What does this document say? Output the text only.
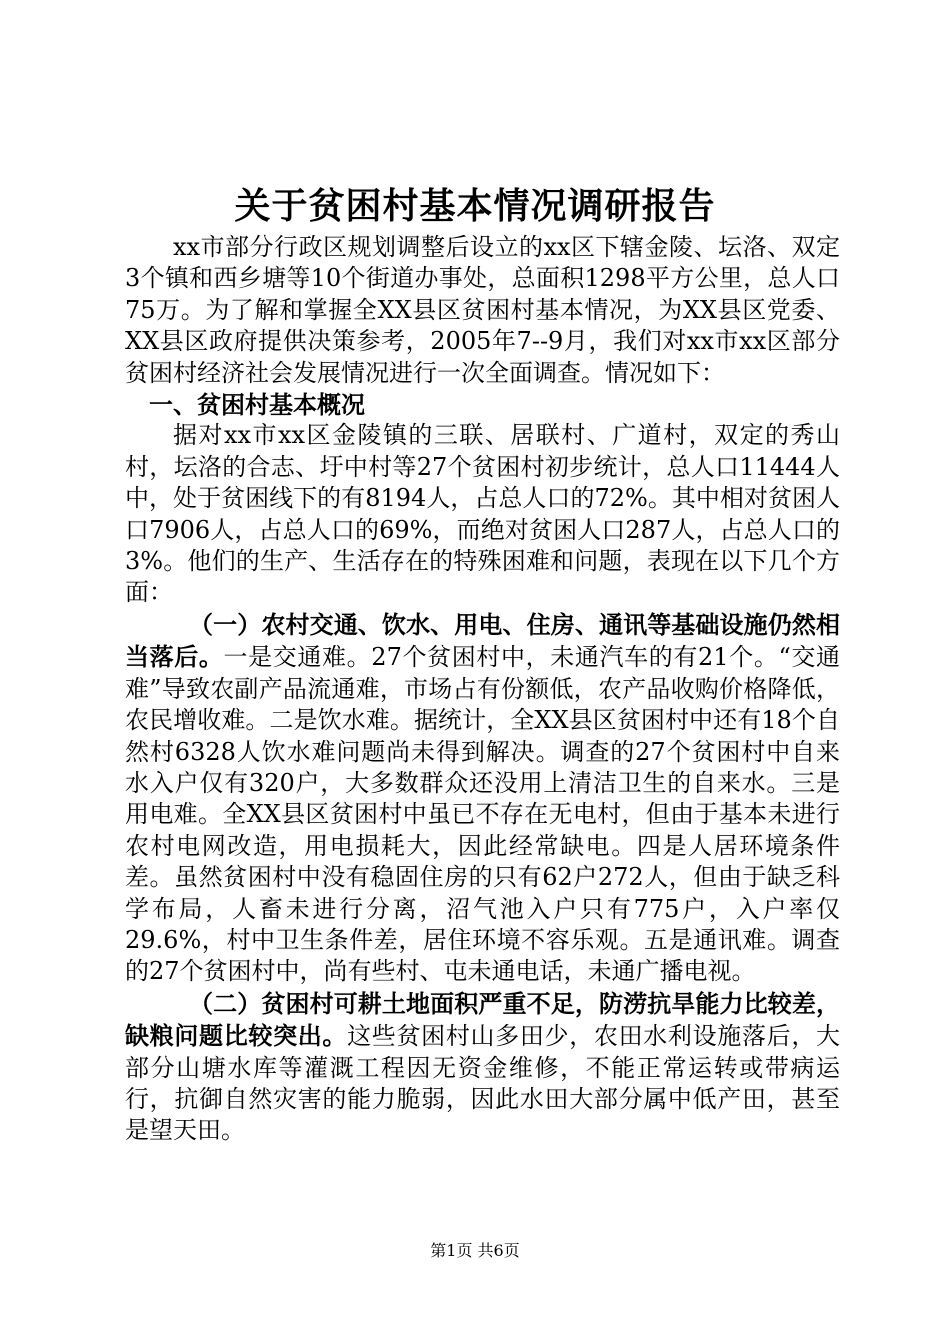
关于贫困村基本情况调研报告

xx市部分行政区规划调整后设立的xx区下辖金陵、坛洛、双定3个镇和西乡塘等10个街道办事处，总面积1298平方公里，总人口75万。为了解和掌握全XX县区贫困村基本情况，为XX县区党委、XX县区政府提供决策参考，2005年7--9月，我们对xx市xx区部分贫困村经济社会发展情况进行一次全面调查。情况如下：

一、贫困村基本概况

据对xx市xx区金陵镇的三联、居联村、广道村，双定的秀山村，坛洛的合志、圩中村等27个贫困村初步统计，总人口11444人中，处于贫困线下的有8194人，占总人口的72%。其中相对贫困人口7906人，占总人口的69%，而绝对贫困人口287人，占总人口的3%。他们的生产、生活存在的特殊困难和问题，表现在以下几个方面：

（一）农村交通、饮水、用电、住房、通讯等基础设施仍然相当落后。一是交通难。27个贫困村中，未通汽车的有21个。“交通难”导致农副产品流通难，市场占有份额低，农产品收购价格降低，农民增收难。二是饮水难。据统计，全XX县区贫困村中还有18个自然村6328人饮水难问题尚未得到解决。调查的27个贫困村中自来水入户仅有320户，大多数群众还没用上清洁卫生的自来水。三是用电难。全XX县区贫困村中虽已不存在无电村，但由于基本未进行农村电网改造，用电损耗大，因此经常缺电。四是人居环境条件差。虽然贫困村中没有稳固住房的只有62户272人，但由于缺乏科学布局，人畜未进行分离，沼气池入户只有775户，入户率仅29.6%，村中卫生条件差，居住环境不容乐观。五是通讯难。调查的27个贫困村中，尚有些村、屯未通电话，未通广播电视。

（二）贫困村可耕土地面积严重不足，防涝抗旱能力比较差，缺粮问题比较突出。这些贫困村山多田少，农田水利设施落后，大部分山塘水库等灌溉工程因无资金维修，不能正常运转或带病运行，抗御自然灾害的能力脆弱，因此水田大部分属中低产田，甚至是望天田。

第1页 共6页
